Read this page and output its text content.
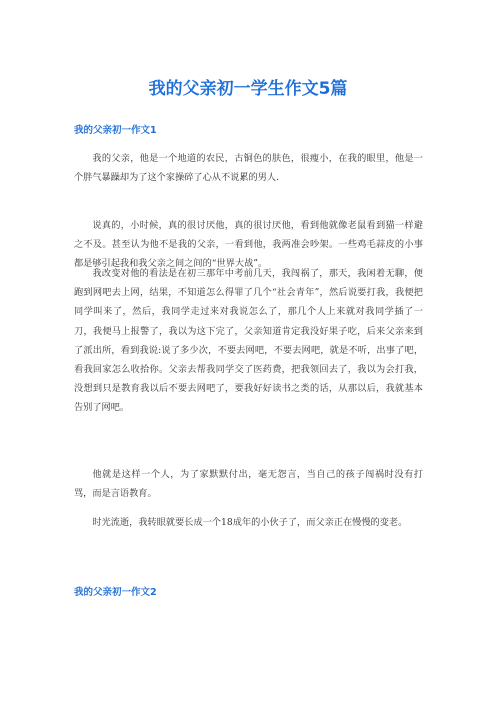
我的父亲初一学生作文5篇
我的父亲初一作文1

我的父亲，他是一个地道的农民，古铜色的肤色，很瘦小，在我的眼里，他是一个胖气暴躁却为了这个家操碎了心从不说累的男人.

说真的，小时候，真的很讨厌他，真的很讨厌他，看到他就像老鼠看到猫一样避之不及。甚至认为他不是我的父亲，一看到他，我两准会吵架。一些鸡毛蒜皮的小事都是够引起我和我父亲之间之间的“世界大战”。

我改变对他的看法是在初三那年中考前几天，我闯祸了，那天，我闲着无聊，便跑到网吧去上网，结果，不知道怎么得罪了几个“社会青年”，然后说要打我，我便把同学叫来了，然后，我同学走过来对我说怎么了，那几个人上来就对我同学插了一刀，我便马上报警了，我以为这下完了，父亲知道肯定我没好果子吃，后来父亲来到了派出所，看到我说:说了多少次，不要去网吧，不要去网吧，就是不听，出事了吧，看我回家怎么收拾你。父亲去帮我同学交了医药费，把我领回去了，我以为会打我，没想到只是教育我以后不要去网吧了，要我好好读书之类的话，从那以后，我就基本告别了网吧。

他就是这样一个人，为了家默默付出，毫无怨言，当自己的孩子闯祸时没有打骂，而是言语教育。

时光流逝，我转眼就要长成一个18成年的小伙子了，而父亲正在慢慢的变老。

我的父亲初一作文2
